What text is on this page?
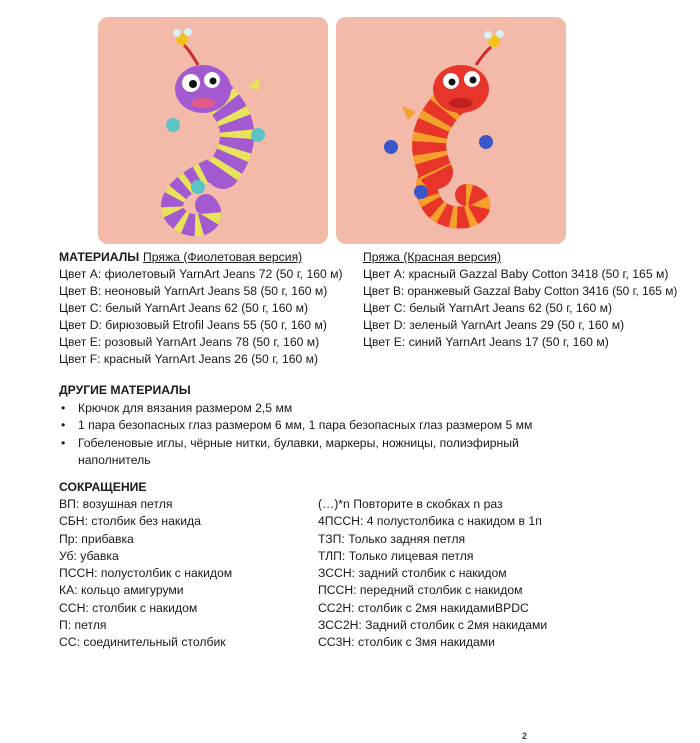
МАТЕРИАЛЫ Пряжа (Фиолетовая версия)	Пряжа (Красная версия)
Цвет A: фиолетовый YarnArt Jeans 72 (50 г, 160 м)
Цвет B: неоновый YarnArt Jeans 58 (50 г, 160 м)
Цвет C: белый YarnArt Jeans 62 (50 г, 160 м)
Цвет D: бирюзовый Etrofil Jeans 55 (50 г, 160 м)
Цвет E: розовый YarnArt Jeans 78 (50 г, 160 м)
Цвет F: красный YarnArt Jeans 26 (50 г, 160 м)
Цвет A: красный Gazzal Baby Cotton 3418 (50 г, 165 м)
Цвет B: оранжевый Gazzal Baby Cotton 3416 (50 г, 165 м)
Цвет C: белый YarnArt Jeans 62 (50 г, 160 м)
Цвет D: зеленый YarnArt Jeans 29 (50 г, 160 м)
Цвет E: синий YarnArt Jeans 17 (50 г, 160 м)
ДРУГИЕ МАТЕРИАЛЫ
• Крючок для вязания размером 2,5 мм
• 1 пара безопасных глаз размером 6 мм, 1 пара безопасных глаз размером 5 мм
• Гобеленовые иглы, чёрные нитки, булавки, маркеры, ножницы, полиэфирный
наполнитель
СОКРАЩЕНИЕ
ВП: возушная петля
СБН: столбик без накида
Пр: прибавка
Уб: убавка
ПССН: полустолбик с накидом
КА: кольцо амигуруми
ССН: столбик с накидом
П: петля
СС: соединительный столбик
(…)*n Повторите в скобках n раз
4ПССН: 4 полустолбика с накидом в 1п
ТЗП: Только задняя петля
ТЛП: Только лицевая петля
ЗССН: задний столбик с накидом
ПССН: передний столбик с накидом
СС2Н: столбик с 2мя накидамиBPDC
ЗСС2Н: Задний столбик с 2мя накидами
СС3Н: столбик с 3мя накидами
2
